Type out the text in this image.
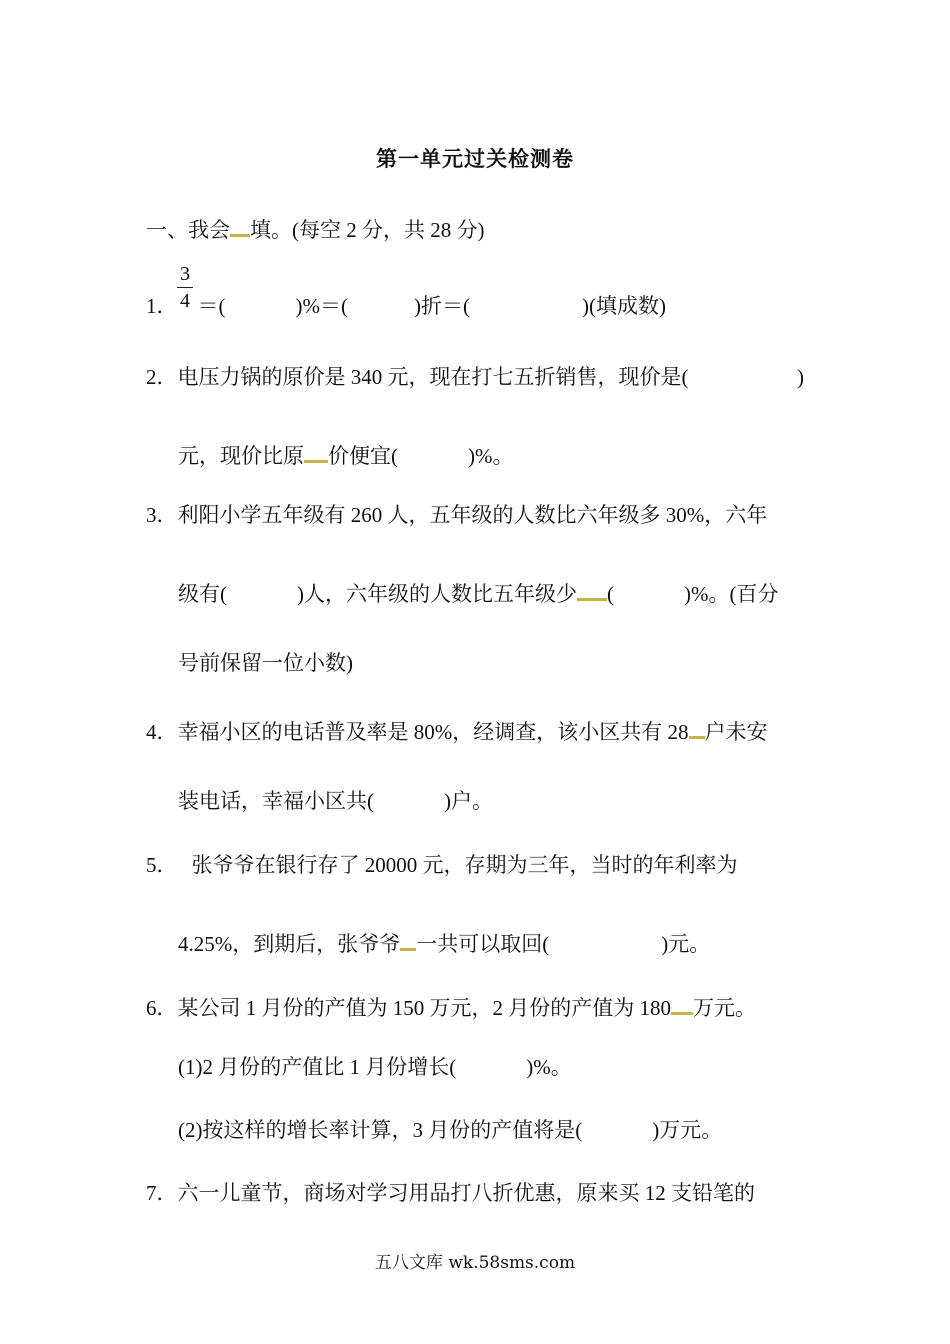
第一单元过关检测卷
一、我会 填。(每空 2 分，共 28 分)
3
4
1． ＝(	)%＝(	)折＝(	)(填成数)
2．电压力锅的原价是 340 元，现在打七五折销售，现价是(	)
元，现价比原 价便宜(	)%。
3．利阳小学五年级有 260 人，五年级的人数比六年级多 30%，六年
级有(	)人，六年级的人数比五年级少 (	)%。(百分
号前保留一位小数)
4．幸福小区的电话普及率是 80%，经调查，该小区共有 28 户未安
装电话，幸福小区共(	)户。
5． 张爷爷在银行存了 20000 元，存期为三年，当时的年利率为
4.25%，到期后，张爷爷 一共可以取回(	)元。
6．某公司 1 月份的产值为 150 万元，2 月份的产值为 180 万元。
(1)2 月份的产值比 1 月份增长(	)%。
(2)按这样的增长率计算，3 月份的产值将是(	)万元。
7．六一儿童节，商场对学习用品打八折优惠，原来买 12 支铅笔的
五八文库 wk.58sms.com
